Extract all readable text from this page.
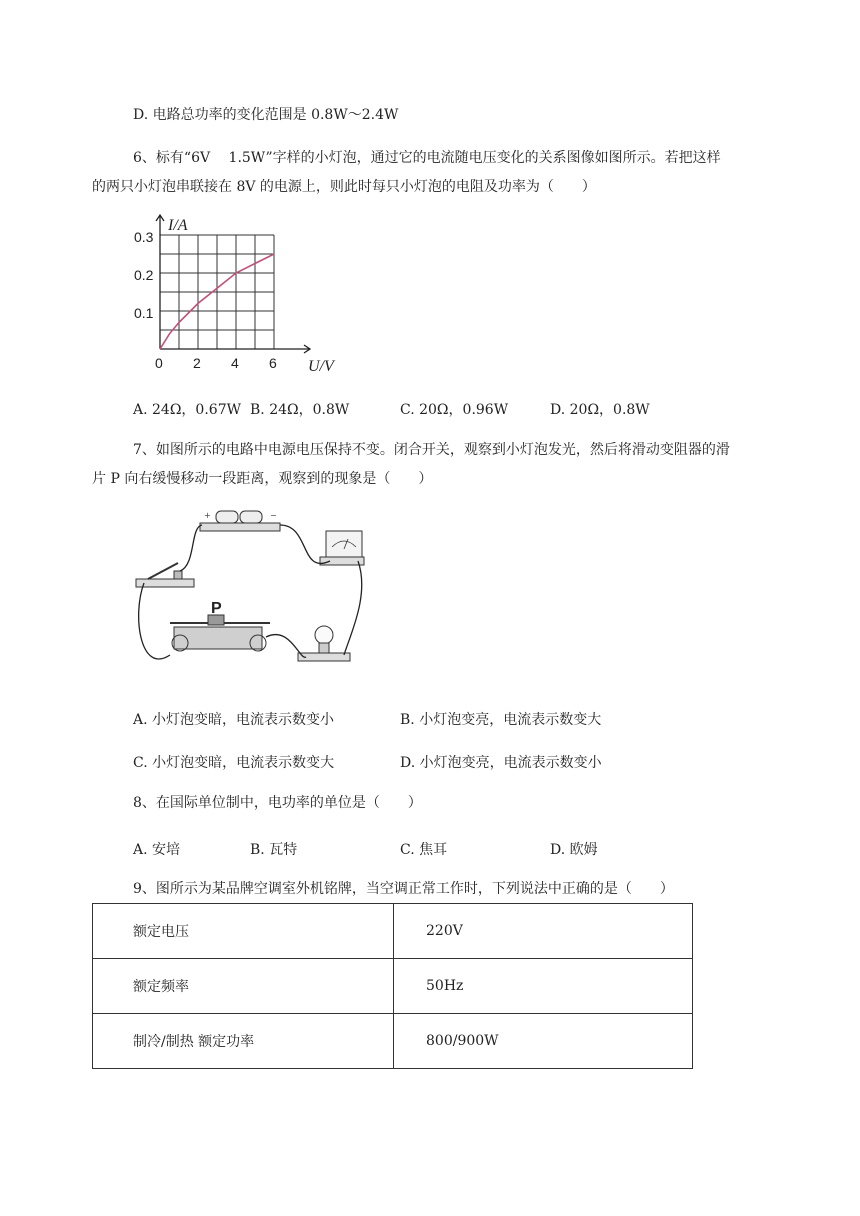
D. 电路总功率的变化范围是 0.8W～2.4W
6、标有“6V　 1.5W”字样的小灯泡，通过它的电流随电压变化的关系图像如图所示。若把这样
的两只小灯泡串联接在 8V 的电源上，则此时每只小灯泡的电阻及功率为（　　）
I/A
U/V
0.3
0.2
0.1
0 2 4 6
A. 24Ω，0.67W B. 24Ω，0.8W	C. 20Ω，0.96W	D. 20Ω，0.8W
7、如图所示的电路中电源电压保持不变。闭合开关，观察到小灯泡发光，然后将滑动变阻器的滑
片 P 向右缓慢移动一段距离，观察到的现象是（　　）
+	−
P
A. 小灯泡变暗，电流表示数变小	B. 小灯泡变亮，电流表示数变大
C. 小灯泡变暗，电流表示数变大	D. 小灯泡变亮，电流表示数变小
8、在国际单位制中，电功率的单位是（　　）
A. 安培	B. 瓦特	C. 焦耳	D. 欧姆
9、图所示为某品牌空调室外机铭牌，当空调正常工作时，下列说法中正确的是（　　）
额定电压	220V
额定频率	50Hz
制冷/制热 额定功率	800/900W
